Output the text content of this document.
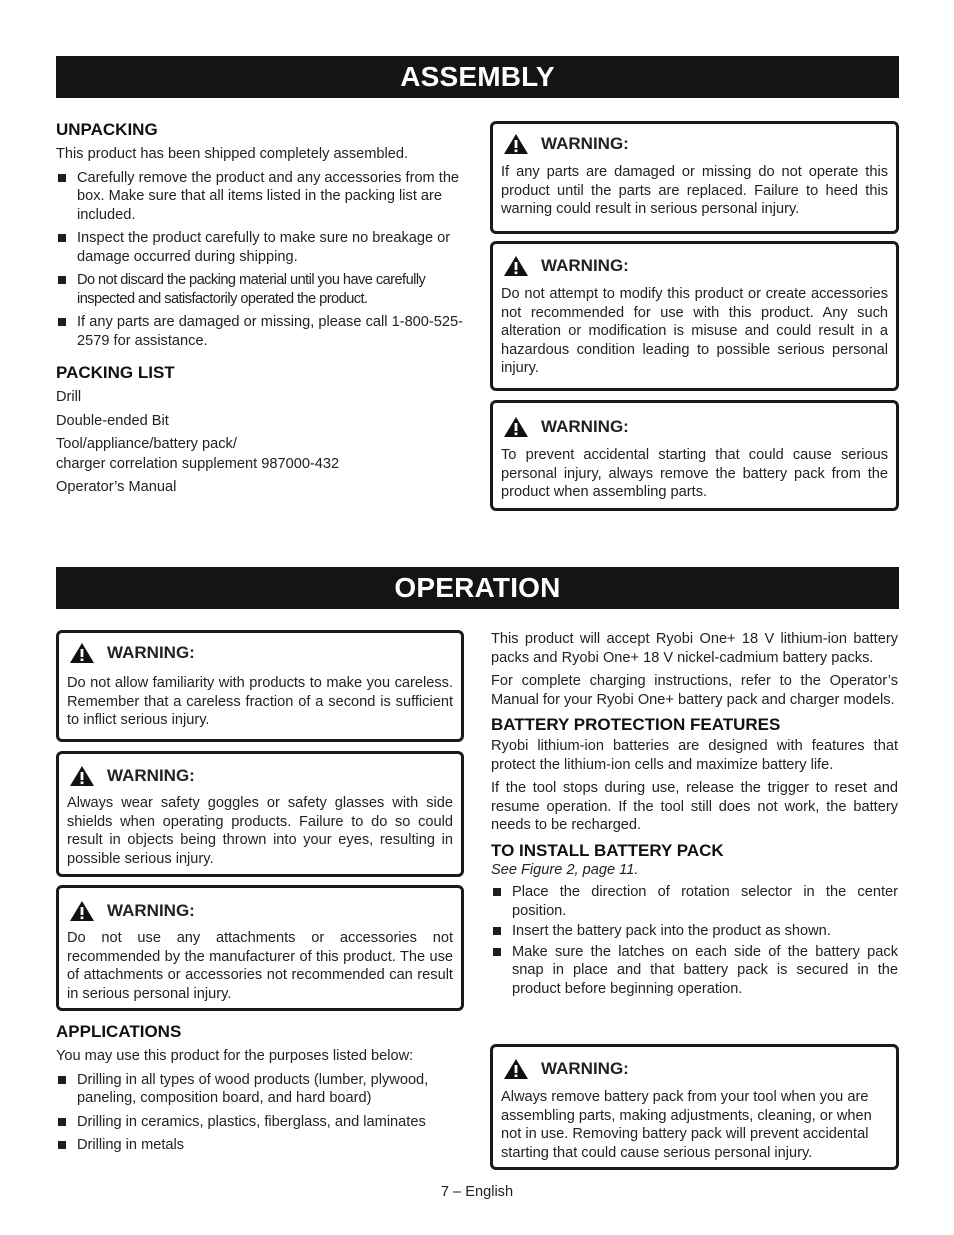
ASSEMBLY
UNPACKING

This product has been shipped completely assembled.

Carefully remove the product and any accessories from the box. Make sure that all items listed in the packing list are included.

Inspect the product carefully to make sure no breakage or damage occurred during shipping.

Do not discard the packing material until you have carefully inspected and satisfactorily operated the product.

If any parts are damaged or missing, please call 1-800-525-2579 for assistance.

PACKING LIST

Drill

Double-ended Bit

Tool/appliance/battery pack/

charger correlation supplement 987000-432

Operator’s Manual

WARNING:

If any parts are damaged or missing do not operate this product until the parts are replaced. Failure to heed this warning could result in serious personal injury.

WARNING:

Do not attempt to modify this product or create accessories not recommended for use with this product. Any such alteration or modification is misuse and could result in a hazardous condition leading to possible serious personal injury.

WARNING:

To prevent accidental starting that could cause serious personal injury, always remove the battery pack from the product when assembling parts.

OPERATION
WARNING:

Do not allow familiarity with products to make you careless. Remember that a careless fraction of a second is sufficient to inflict serious injury.

WARNING:

Always wear safety goggles or safety glasses with side shields when operating products. Failure to do so could result in objects being thrown into your eyes, resulting in possible serious injury.

WARNING:

Do not use any attachments or accessories not recommended by the manufacturer of this product. The use of attachments or accessories not recommended can result in serious personal injury.

APPLICATIONS

You may use this product for the purposes listed below:

Drilling in all types of wood products (lumber, plywood, paneling, composition board, and hard board)

Drilling in ceramics, plastics, fiberglass, and laminates

Drilling in metals

This product will accept Ryobi One+ 18 V lithium-ion battery packs and Ryobi One+ 18 V nickel-cadmium battery packs.

For complete charging instructions, refer to the Operator’s Manual for your Ryobi One+ battery pack and charger models.

BATTERY PROTECTION FEATURES

Ryobi lithium-ion batteries are designed with features that protect the lithium-ion cells and maximize battery life.

If the tool stops during use, release the trigger to reset and resume operation. If the tool still does not work, the battery needs to be recharged.

TO INSTALL BATTERY PACK

See Figure 2, page 11.

Place the direction of rotation selector in the center position.

Insert the battery pack into the product as shown.

Make sure the latches on each side of the battery pack snap in place and that battery pack is secured in the product before beginning operation.

WARNING:

Always remove battery pack from your tool when you are assembling parts, making adjustments, cleaning, or when not in use. Removing battery pack will prevent accidental starting that could cause serious personal injury.

7 – English
